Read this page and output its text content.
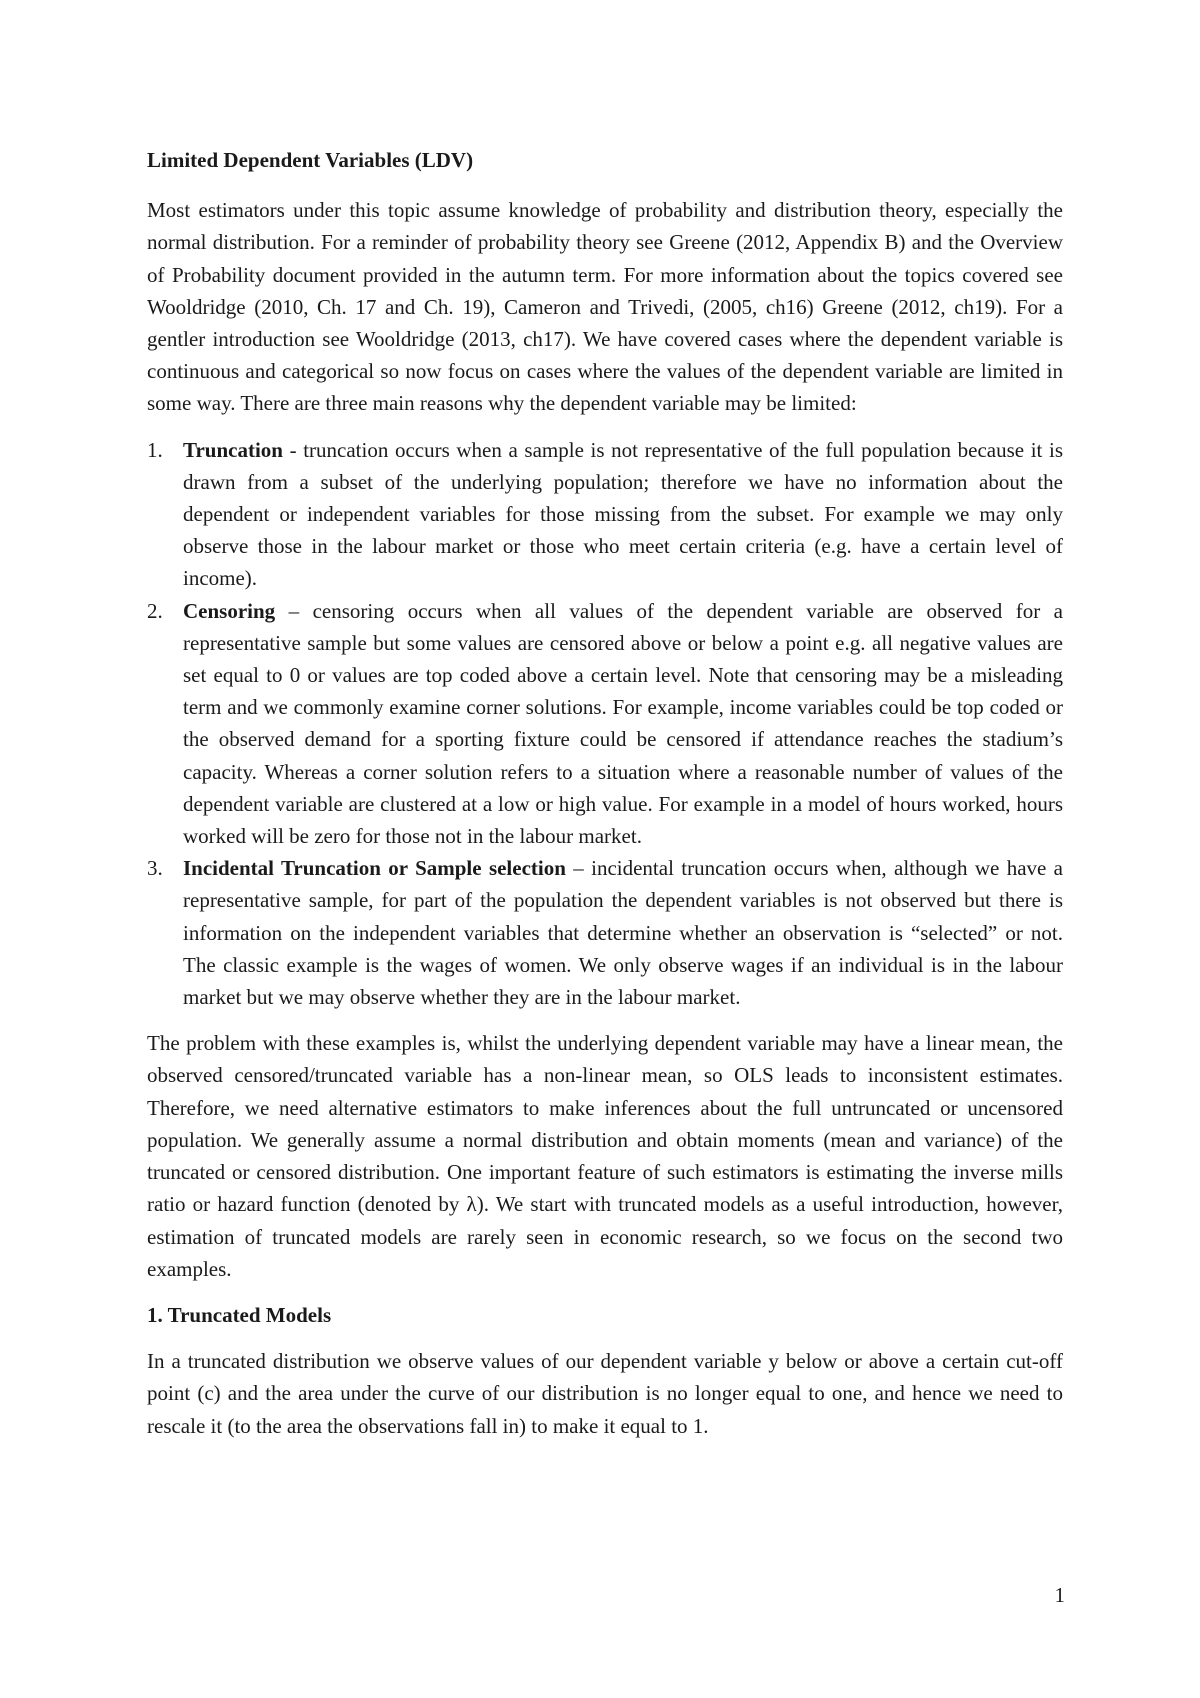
Limited Dependent Variables (LDV)

Most estimators under this topic assume knowledge of probability and distribution theory, especially the normal distribution. For a reminder of probability theory see Greene (2012, Appendix B) and the Overview of Probability document provided in the autumn term. For more information about the topics covered see Wooldridge (2010, Ch. 17 and Ch. 19), Cameron and Trivedi, (2005, ch16) Greene (2012, ch19). For a gentler introduction see Wooldridge (2013, ch17). We have covered cases where the dependent variable is continuous and categorical so now focus on cases where the values of the dependent variable are limited in some way. There are three main reasons why the dependent variable may be limited:

1. Truncation - truncation occurs when a sample is not representative of the full population because it is drawn from a subset of the underlying population; therefore we have no information about the dependent or independent variables for those missing from the subset. For example we may only observe those in the labour market or those who meet certain criteria (e.g. have a certain level of income).
2. Censoring – censoring occurs when all values of the dependent variable are observed for a representative sample but some values are censored above or below a point e.g. all negative values are set equal to 0 or values are top coded above a certain level. Note that censoring may be a misleading term and we commonly examine corner solutions. For example, income variables could be top coded or the observed demand for a sporting fixture could be censored if attendance reaches the stadium’s capacity. Whereas a corner solution refers to a situation where a reasonable number of values of the dependent variable are clustered at a low or high value. For example in a model of hours worked, hours worked will be zero for those not in the labour market.
3. Incidental Truncation or Sample selection – incidental truncation occurs when, although we have a representative sample, for part of the population the dependent variables is not observed but there is information on the independent variables that determine whether an observation is “selected” or not. The classic example is the wages of women. We only observe wages if an individual is in the labour market but we may observe whether they are in the labour market.

The problem with these examples is, whilst the underlying dependent variable may have a linear mean, the observed censored/truncated variable has a non-linear mean, so OLS leads to inconsistent estimates. Therefore, we need alternative estimators to make inferences about the full untruncated or uncensored population. We generally assume a normal distribution and obtain moments (mean and variance) of the truncated or censored distribution. One important feature of such estimators is estimating the inverse mills ratio or hazard function (denoted by λ). We start with truncated models as a useful introduction, however, estimation of truncated models are rarely seen in economic research, so we focus on the second two examples.

1. Truncated Models

In a truncated distribution we observe values of our dependent variable y below or above a certain cut-off point (c) and the area under the curve of our distribution is no longer equal to one, and hence we need to rescale it (to the area the observations fall in) to make it equal to 1.

1
